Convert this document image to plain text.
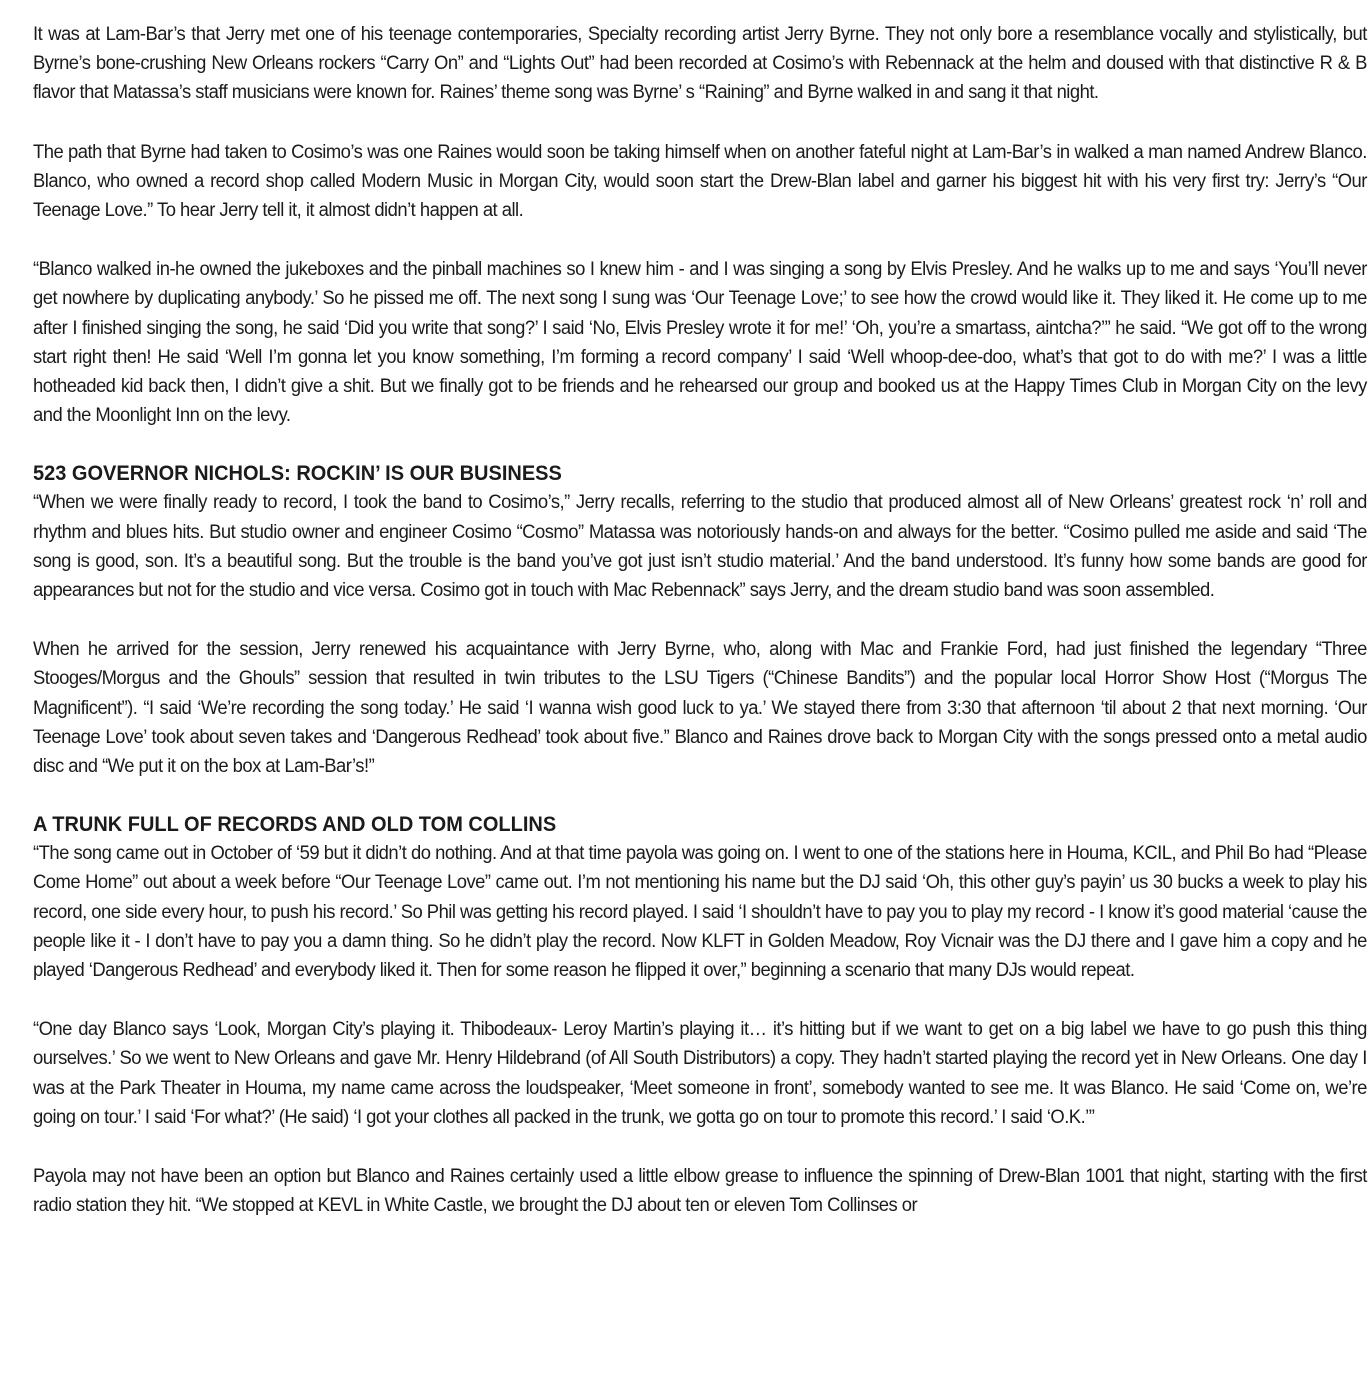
It was at Lam-Bar’s that Jerry met one of his teenage contemporaries, Specialty recording artist Jerry Byrne. They not only bore a resemblance vocally and stylistically, but Byrne’s bone-crushing New Orleans rockers “Carry On” and “Lights Out” had been recorded at Cosimo’s with Rebennack at the helm and doused with that distinctive R & B flavor that Matassa’s staff musicians were known for. Raines’ theme song was Byrne’ s “Raining” and Byrne walked in and sang it that night.

The path that Byrne had taken to Cosimo’s was one Raines would soon be taking himself when on another fateful night at Lam-Bar’s in walked a man named Andrew Blanco. Blanco, who owned a record shop called Modern Music in Morgan City, would soon start the Drew-Blan label and garner his biggest hit with his very first try: Jerry’s “Our Teenage Love.” To hear Jerry tell it, it almost didn’t happen at all.

“Blanco walked in-he owned the jukeboxes and the pinball machines so I knew him - and I was singing a song by Elvis Presley. And he walks up to me and says ‘You’ll never get nowhere by duplicating anybody.’ So he pissed me off. The next song I sung was ‘Our Teenage Love;’ to see how the crowd would like it. They liked it. He come up to me after I finished singing the song, he said ‘Did you write that song?’ I said ‘No, Elvis Presley wrote it for me!’ ‘Oh, you’re a smartass, aintcha?’” he said. “We got off to the wrong start right then! He said ‘Well I’m gonna let you know something, I’m forming a record company’ I said ‘Well whoop-dee-doo, what’s that got to do with me?’ I was a little hotheaded kid back then, I didn’t give a shit. But we finally got to be friends and he rehearsed our group and booked us at the Happy Times Club in Morgan City on the levy and the Moonlight Inn on the levy.

523 GOVERNOR NICHOLS: ROCKIN’ IS OUR BUSINESS

“When we were finally ready to record, I took the band to Cosimo’s,” Jerry recalls, referring to the studio that produced almost all of New Orleans’ greatest rock ‘n’ roll and rhythm and blues hits. But studio owner and engineer Cosimo “Cosmo” Matassa was notoriously hands-on and always for the better. “Cosimo pulled me aside and said ‘The song is good, son. It’s a beautiful song. But the trouble is the band you’ve got just isn’t studio material.’ And the band understood. It’s funny how some bands are good for appearances but not for the studio and vice versa. Cosimo got in touch with Mac Rebennack” says Jerry, and the dream studio band was soon assembled.

When he arrived for the session, Jerry renewed his acquaintance with Jerry Byrne, who, along with Mac and Frankie Ford, had just finished the legendary “Three Stooges/Morgus and the Ghouls” session that resulted in twin tributes to the LSU Tigers (“Chinese Bandits”) and the popular local Horror Show Host (“Morgus The Magnificent”). “I said ‘We’re recording the song today.’ He said ‘I wanna wish good luck to ya.’ We stayed there from 3:30 that afternoon ‘til about 2 that next morning. ‘Our Teenage Love’ took about seven takes and ‘Dangerous Redhead’ took about five.” Blanco and Raines drove back to Morgan City with the songs pressed onto a metal audio disc and “We put it on the box at Lam-Bar’s!”

A TRUNK FULL OF RECORDS AND OLD TOM COLLINS

“The song came out in October of ‘59 but it didn’t do nothing. And at that time payola was going on. I went to one of the stations here in Houma, KCIL, and Phil Bo had “Please Come Home” out about a week before “Our Teenage Love” came out. I’m not mentioning his name but the DJ said ‘Oh, this other guy’s payin’ us 30 bucks a week to play his record, one side every hour, to push his record.’ So Phil was getting his record played. I said ‘I shouldn’t have to pay you to play my record - I know it’s good material ‘cause the people like it - I don’t have to pay you a damn thing. So he didn’t play the record. Now KLFT in Golden Meadow, Roy Vicnair was the DJ there and I gave him a copy and he played ‘Dangerous Redhead’ and everybody liked it. Then for some reason he flipped it over,” beginning a scenario that many DJs would repeat.

“One day Blanco says ‘Look, Morgan City’s playing it. Thibodeaux- Leroy Martin’s playing it… it’s hitting but if we want to get on a big label we have to go push this thing ourselves.’ So we went to New Orleans and gave Mr. Henry Hildebrand (of All South Distributors) a copy. They hadn’t started playing the record yet in New Orleans. One day I was at the Park Theater in Houma, my name came across the loudspeaker, ‘Meet someone in front’, somebody wanted to see me. It was Blanco. He said ‘Come on, we’re going on tour.’ I said ‘For what?’ (He said) ‘I got your clothes all packed in the trunk, we gotta go on tour to promote this record.’ I said ‘O.K.’”

Payola may not have been an option but Blanco and Raines certainly used a little elbow grease to influence the spinning of Drew-Blan 1001 that night, starting with the first radio station they hit. “We stopped at KEVL in White Castle, we brought the DJ about ten or eleven Tom Collinses or
